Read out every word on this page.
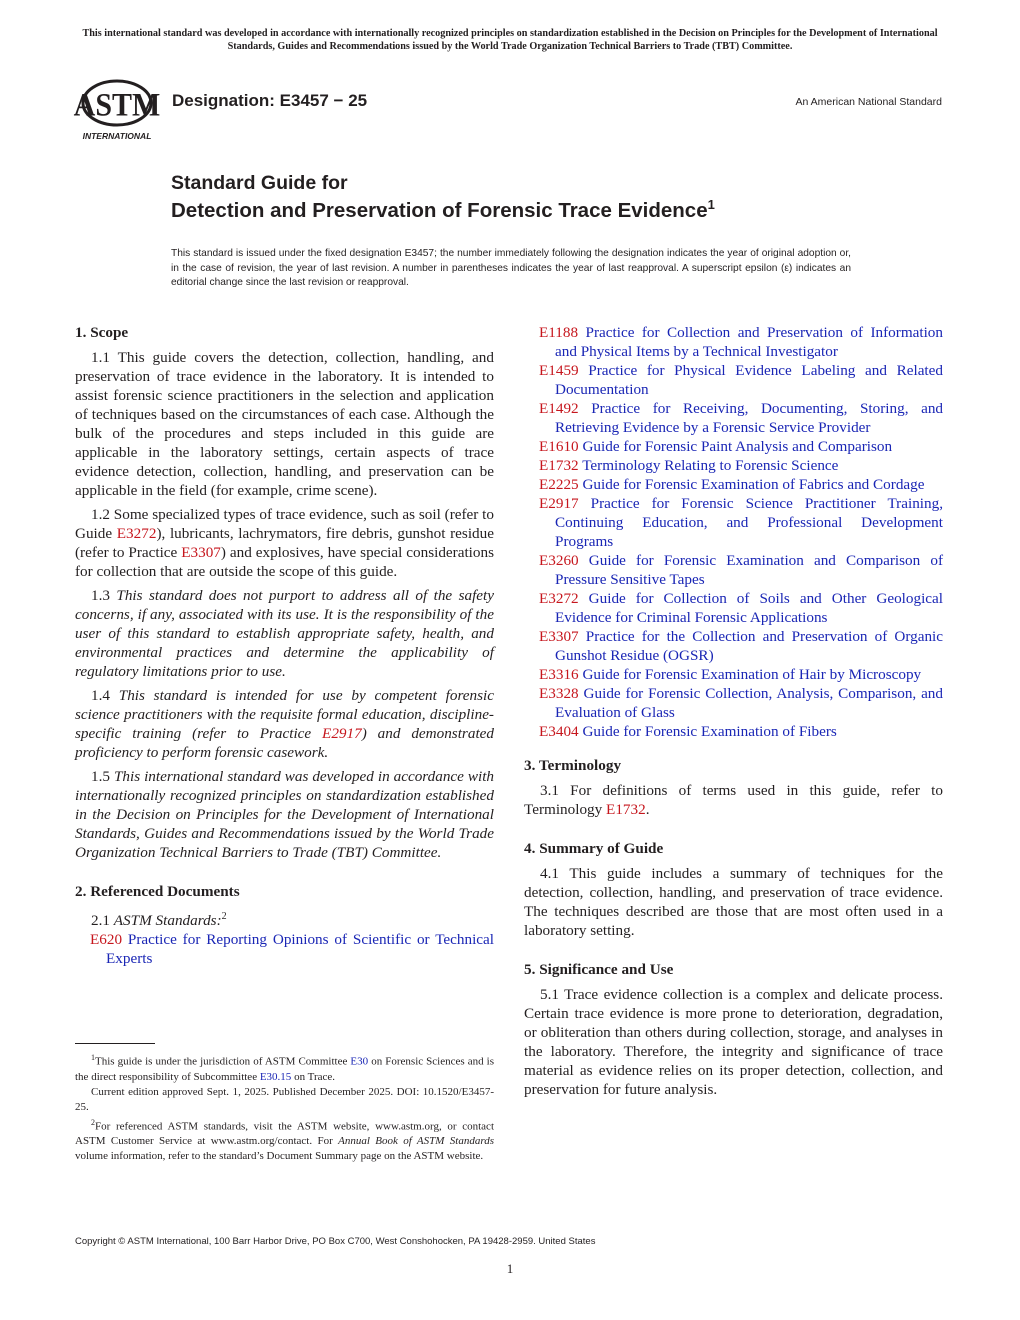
This international standard was developed in accordance with internationally recognized principles on standardization established in the Decision on Principles for the Development of International Standards, Guides and Recommendations issued by the World Trade Organization Technical Barriers to Trade (TBT) Committee.
ASTM
INTERNATIONAL
Designation: E3457 − 25	An American National Standard
Standard Guide for
Detection and Preservation of Forensic Trace Evidence$^1$
This standard is issued under the fixed designation E3457; the number immediately following the designation indicates the year of original adoption or, in the case of revision, the year of last revision. A number in parentheses indicates the year of last reapproval. A superscript epsilon (ε) indicates an editorial change since the last revision or reapproval.
1. Scope

1.1 This guide covers the detection, collection, handling, and preservation of trace evidence in the laboratory. It is intended to assist forensic science practitioners in the selection and application of techniques based on the circumstances of each case. Although the bulk of the procedures and steps included in this guide are applicable in the laboratory settings, certain aspects of trace evidence detection, collection, handling, and preservation can be applicable in the field (for example, crime scene).

1.2 Some specialized types of trace evidence, such as soil (refer to Guide E3272), lubricants, lachrymators, fire debris, gunshot residue (refer to Practice E3307) and explosives, have special considerations for collection that are outside the scope of this guide.

1.3 This standard does not purport to address all of the safety concerns, if any, associated with its use. It is the responsibility of the user of this standard to establish appropriate safety, health, and environmental practices and determine the applicability of regulatory limitations prior to use.

1.4 This standard is intended for use by competent forensic science practitioners with the requisite formal education, discipline-specific training (refer to Practice E2917) and demonstrated proficiency to perform forensic casework.

1.5 This international standard was developed in accordance with internationally recognized principles on standardization established in the Decision on Principles for the Development of International Standards, Guides and Recommendations issued by the World Trade Organization Technical Barriers to Trade (TBT) Committee.

2. Referenced Documents

2.1 ASTM Standards:$^2$

E620 Practice for Reporting Opinions of Scientific or Technical Experts

E1188 Practice for Collection and Preservation of Information and Physical Items by a Technical Investigator

E1459 Practice for Physical Evidence Labeling and Related Documentation

E1492 Practice for Receiving, Documenting, Storing, and Retrieving Evidence by a Forensic Service Provider

E1610 Guide for Forensic Paint Analysis and Comparison

E1732 Terminology Relating to Forensic Science

E2225 Guide for Forensic Examination of Fabrics and Cordage

E2917 Practice for Forensic Science Practitioner Training, Continuing Education, and Professional Development Programs

E3260 Guide for Forensic Examination and Comparison of Pressure Sensitive Tapes

E3272 Guide for Collection of Soils and Other Geological Evidence for Criminal Forensic Applications

E3307 Practice for the Collection and Preservation of Organic Gunshot Residue (OGSR)

E3316 Guide for Forensic Examination of Hair by Microscopy

E3328 Guide for Forensic Collection, Analysis, Comparison, and Evaluation of Glass

E3404 Guide for Forensic Examination of Fibers

3. Terminology

3.1 For definitions of terms used in this guide, refer to Terminology E1732.

4. Summary of Guide

4.1 This guide includes a summary of techniques for the detection, collection, handling, and preservation of trace evidence. The techniques described are those that are most often used in a laboratory setting.

5. Significance and Use

5.1 Trace evidence collection is a complex and delicate process. Certain trace evidence is more prone to deterioration, degradation, or obliteration than others during collection, storage, and analyses in the laboratory. Therefore, the integrity and significance of trace material as evidence relies on its proper detection, collection, and preservation for future analysis.

$^1$This guide is under the jurisdiction of ASTM Committee E30 on Forensic Sciences and is the direct responsibility of Subcommittee E30.15 on Trace.

Current edition approved Sept. 1, 2025. Published December 2025. DOI: 10.1520/E3457-25.

$^2$For referenced ASTM standards, visit the ASTM website, www.astm.org, or contact ASTM Customer Service at www.astm.org/contact. For Annual Book of ASTM Standards volume information, refer to the standard’s Document Summary page on the ASTM website.

Copyright © ASTM International, 100 Barr Harbor Drive, PO Box C700, West Conshohocken, PA 19428-2959. United States
1
